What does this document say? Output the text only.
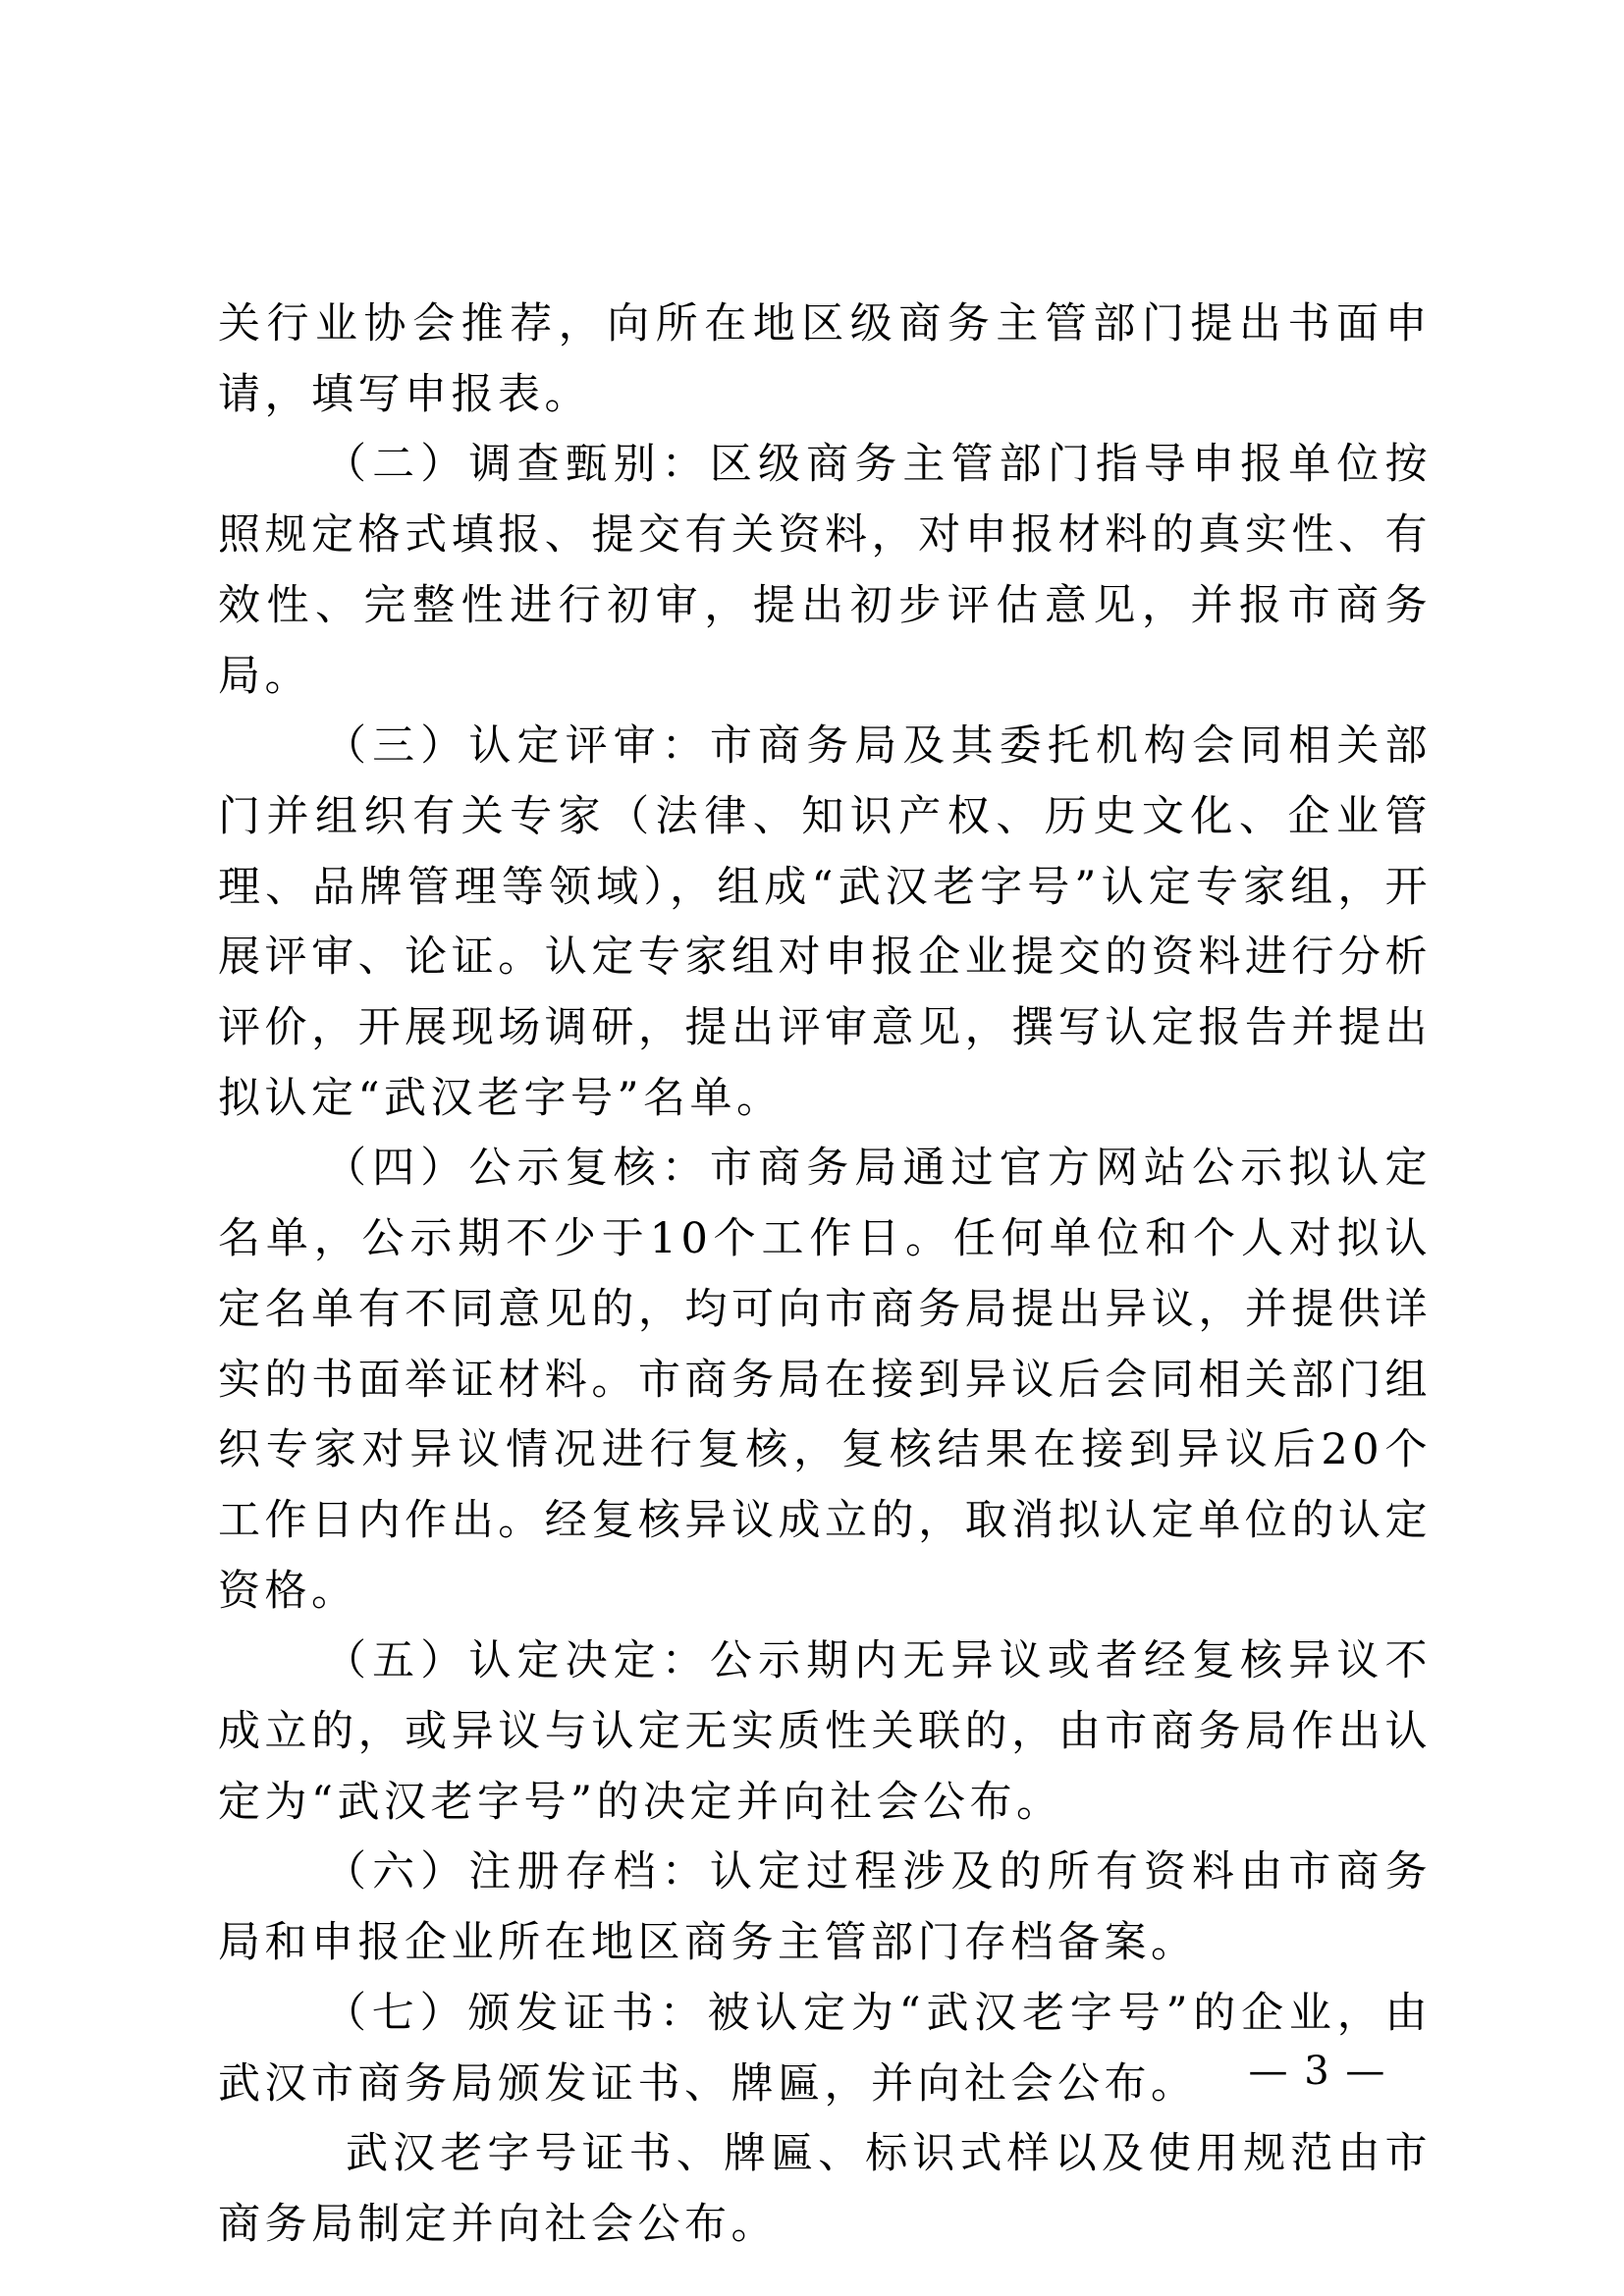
关行业协会推荐，向所在地区级商务主管部门提出书面申请，填写申报表。

（二）调查甄别：区级商务主管部门指导申报单位按照规定格式填报、提交有关资料，对申报材料的真实性、有效性、完整性进行初审，提出初步评估意见，并报市商务局。

（三）认定评审：市商务局及其委托机构会同相关部门并组织有关专家（法律、知识产权、历史文化、企业管理、品牌管理等领域），组成“武汉老字号”认定专家组，开展评审、论证。认定专家组对申报企业提交的资料进行分析评价，开展现场调研，提出评审意见，撰写认定报告并提出拟认定“武汉老字号”名单。

（四）公示复核：市商务局通过官方网站公示拟认定名单，公示期不少于10个工作日。任何单位和个人对拟认定名单有不同意见的，均可向市商务局提出异议，并提供详实的书面举证材料。市商务局在接到异议后会同相关部门组织专家对异议情况进行复核，复核结果在接到异议后20个工作日内作出。经复核异议成立的，取消拟认定单位的认定资格。

（五）认定决定：公示期内无异议或者经复核异议不成立的，或异议与认定无实质性关联的，由市商务局作出认定为“武汉老字号”的决定并向社会公布。

（六）注册存档：认定过程涉及的所有资料由市商务局和申报企业所在地区商务主管部门存档备案。

（七）颁发证书：被认定为“武汉老字号”的企业，由武汉市商务局颁发证书、牌匾，并向社会公布。

武汉老字号证书、牌匾、标识式样以及使用规范由市商务局制定并向社会公布。

— 3 —
